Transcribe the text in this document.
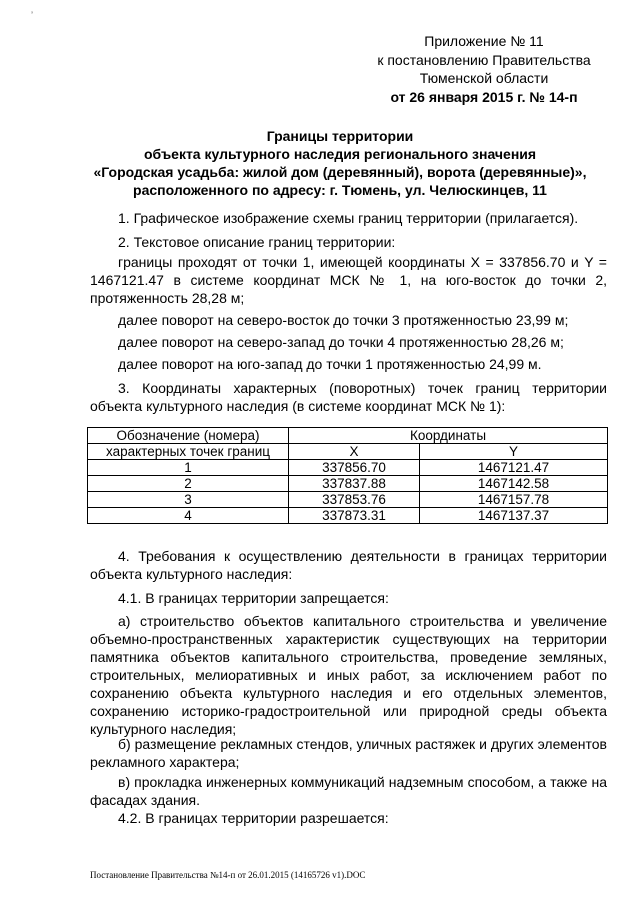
’
Приложение № 11
к постановлению Правительства
Тюменской области
от 26 января 2015 г. № 14-п
Границы территории
объекта культурного наследия регионального значения
«Городская усадьба: жилой дом (деревянный), ворота (деревянные)»,
расположенного по адресу: г. Тюмень, ул. Челюскинцев, 11
1. Графическое изображение схемы границ территории (прилагается).
2. Текстовое описание границ территории:
границы проходят от точки 1, имеющей координаты X = 337856.70 и Y = 1467121.47 в системе координат МСК № 1, на юго-восток до точки 2, протяженность 28,28 м;
далее поворот на северо-восток до точки 3 протяженностью 23,99 м;
далее поворот на северо-запад до точки 4 протяженностью 28,26 м;
далее поворот на юго-запад до точки 1 протяженностью 24,99 м.
3. Координаты характерных (поворотных) точек границ территории объекта культурного наследия (в системе координат МСК № 1):
Обозначение (номера)	Координаты	
характерных точек границ	X	Y
1	337856.70	1467121.47
2	337837.88	1467142.58
3	337853.76	1467157.78
4	337873.31	1467137.37
4. Требования к осуществлению деятельности в границах территории объекта культурного наследия:
4.1. В границах территории запрещается:
а) строительство объектов капитального строительства и увеличение объемно-пространственных характеристик существующих на территории памятника объектов капитального строительства, проведение земляных, строительных, мелиоративных и иных работ, за исключением работ по сохранению объекта культурного наследия и его отдельных элементов, сохранению историко-градостроительной или природной среды объекта культурного наследия;
б) размещение рекламных стендов, уличных растяжек и других элементов рекламного характера;
в) прокладка инженерных коммуникаций надземным способом, а также на фасадах здания.
4.2. В границах территории разрешается:
Постановление Правительства №14-п от 26.01.2015 (14165726 v1).DOC
